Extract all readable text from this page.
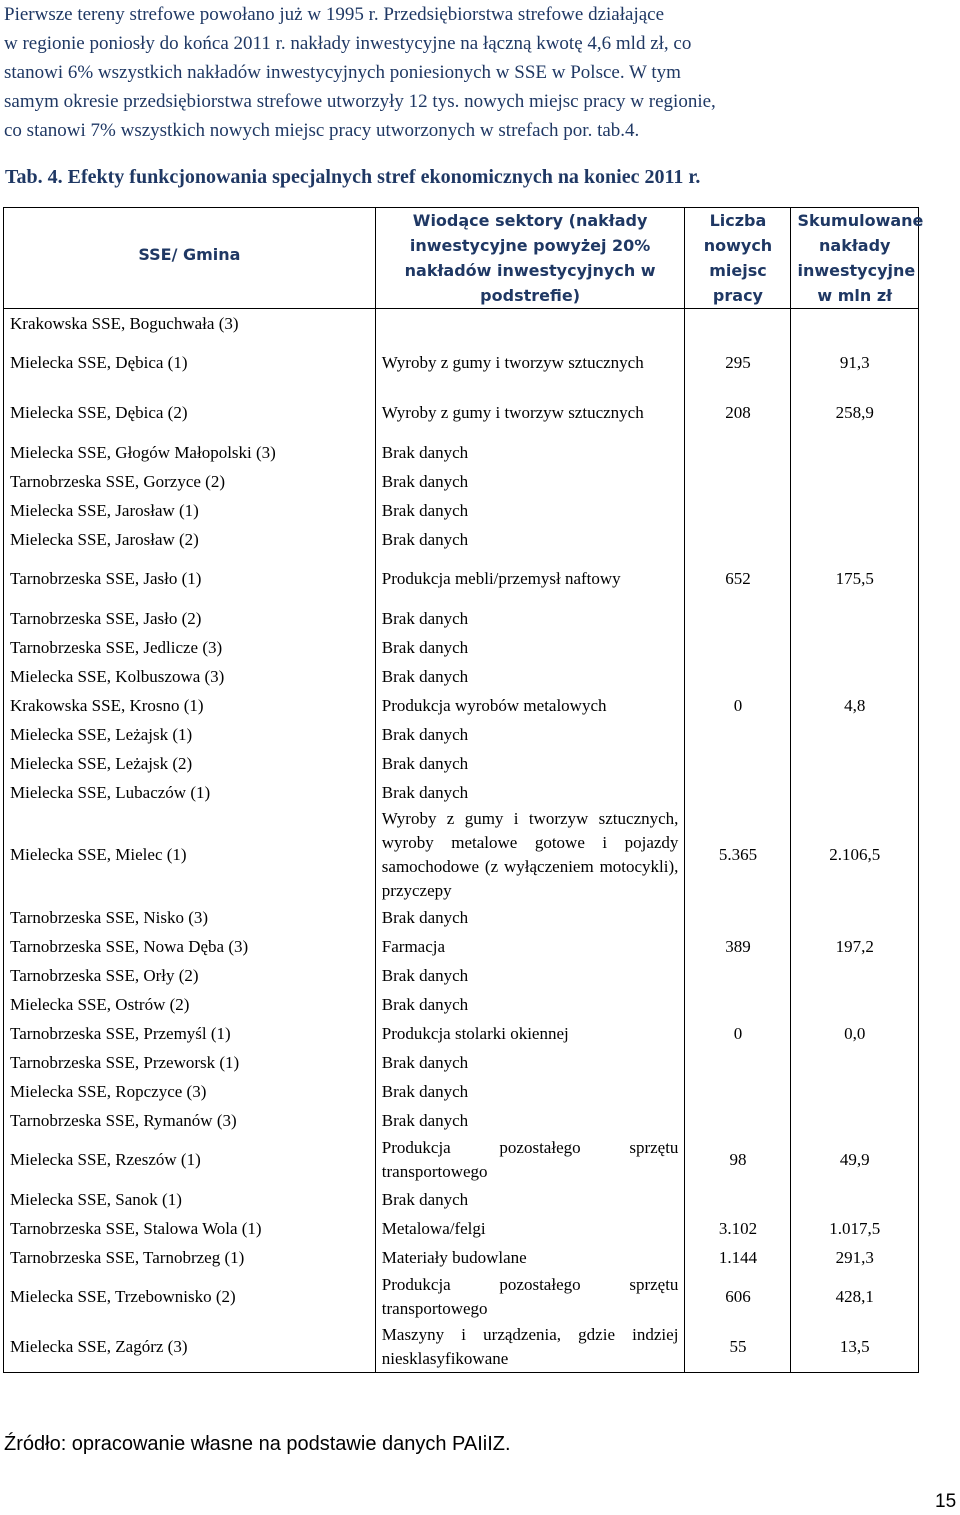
Pierwsze tereny strefowe powołano już w 1995 r. Przedsiębiorstwa strefowe działające
w regionie poniosły do końca 2011 r. nakłady inwestycyjne na łączną kwotę 4,6 mld zł, co
stanowi 6% wszystkich nakładów inwestycyjnych poniesionych w SSE w Polsce. W tym
samym okresie przedsiębiorstwa strefowe utworzyły 12 tys. nowych miejsc pracy w regionie,
co stanowi 7% wszystkich nowych miejsc pracy utworzonych w strefach por. tab.4.

Tab. 4. Efekty funkcjonowania specjalnych stref ekonomicznych na koniec 2011 r.

SSE/ Gmina	Wiodące sektory (nakłady inwestycyjne powyżej 20% nakładów inwestycyjnych w podstrefie)	Liczba nowych miejsc pracy	Skumulowane nakłady inwestycyjne w mln zł
Krakowska SSE, Boguchwała (3)			
Mielecka SSE, Dębica (1)	Wyroby z gumy i tworzyw sztucznych	295	91,3
Mielecka SSE, Dębica (2)	Wyroby z gumy i tworzyw sztucznych	208	258,9
Mielecka SSE, Głogów Małopolski (3)	Brak danych		
Tarnobrzeska SSE, Gorzyce (2)	Brak danych		
Mielecka SSE, Jarosław (1)	Brak danych		
Mielecka SSE, Jarosław (2)	Brak danych		
Tarnobrzeska SSE, Jasło (1)	Produkcja mebli/przemysł naftowy	652	175,5
Tarnobrzeska SSE, Jasło (2)	Brak danych		
Tarnobrzeska SSE, Jedlicze (3)	Brak danych		
Mielecka SSE, Kolbuszowa (3)	Brak danych		
Krakowska SSE, Krosno (1)	Produkcja wyrobów metalowych	0	4,8
Mielecka SSE, Leżajsk (1)	Brak danych		
Mielecka SSE, Leżajsk (2)	Brak danych		
Mielecka SSE, Lubaczów (1)	Brak danych		
Mielecka SSE, Mielec (1)	Wyroby z gumy i tworzyw sztucznych, wyroby metalowe gotowe i pojazdy samochodowe (z wyłączeniem motocykli), przyczepy	5.365	2.106,5
Tarnobrzeska SSE, Nisko (3)	Brak danych		
Tarnobrzeska SSE, Nowa Dęba (3)	Farmacja	389	197,2
Tarnobrzeska SSE, Orły (2)	Brak danych		
Mielecka SSE, Ostrów (2)	Brak danych		
Tarnobrzeska SSE, Przemyśl (1)	Produkcja stolarki okiennej	0	0,0
Tarnobrzeska SSE, Przeworsk (1)	Brak danych		
Mielecka SSE, Ropczyce (3)	Brak danych		
Tarnobrzeska SSE, Rymanów (3)	Brak danych		
Mielecka SSE, Rzeszów (1)	Produkcja pozostałego sprzętu transportowego	98	49,9
Mielecka SSE, Sanok (1)	Brak danych		
Tarnobrzeska SSE, Stalowa Wola (1)	Metalowa/felgi	3.102	1.017,5
Tarnobrzeska SSE, Tarnobrzeg (1)	Materiały budowlane	1.144	291,3
Mielecka SSE, Trzebownisko (2)	Produkcja pozostałego sprzętu transportowego	606	428,1
Mielecka SSE, Zagórz (3)	Maszyny i urządzenia, gdzie indziej niesklasyfikowane	55	13,5
Źródło: opracowanie własne na podstawie danych PAIiIZ.
15
